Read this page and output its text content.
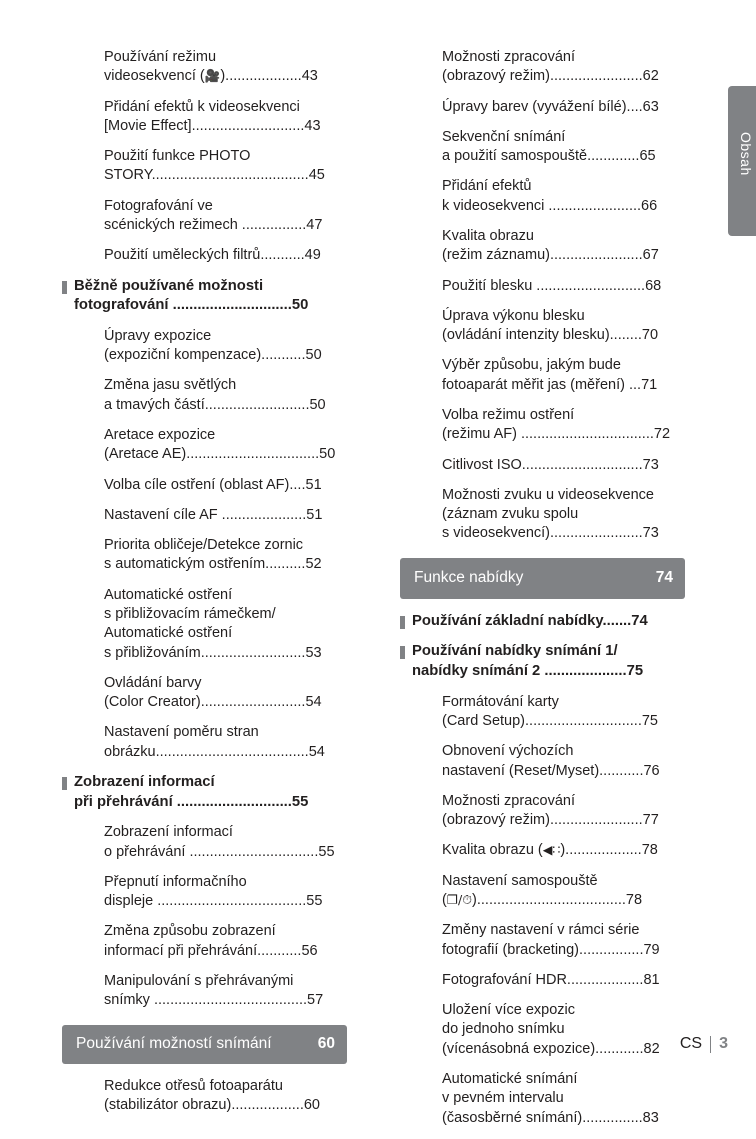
Obsah
Používání režimu
videosekvencí (🎥)...................43
Přidání efektů k videosekvenci
[Movie Effect]............................43
Použití funkce PHOTO
STORY.......................................45
Fotografování ve
scénických režimech ................47
Použití uměleckých filtrů...........49
Běžně používané možnosti
fotografování .............................50
Úpravy expozice
(expoziční kompenzace)...........50
Změna jasu světlých
a tmavých částí..........................50
Aretace expozice
(Aretace AE).................................50
Volba cíle ostření (oblast AF)....51
Nastavení cíle AF .....................51
Priorita obličeje/Detekce zornic
s automatickým ostřením..........52
Automatické ostření
s přibližovacím rámečkem/
Automatické ostření
s přibližováním..........................53
Ovládání barvy
(Color Creator)..........................54
Nastavení poměru stran
obrázku......................................54
Zobrazení informací
při přehrávání ............................55
Zobrazení informací
o přehrávání ................................55
Přepnutí informačního
displeje .....................................55
Změna způsobu zobrazení
informací při přehrávání...........56
Manipulování s přehrávanými
snímky ......................................57
Používání možností snímání	60
Redukce otřesů fotoaparátu
(stabilizátor obrazu)..................60
Možnosti zpracování
(obrazový režim).......................62
Úpravy barev (vyvážení bílé)....63
Sekvenční snímání
a použití samospouště.............65
Přidání efektů
k videosekvenci .......................66
Kvalita obrazu
(režim záznamu).......................67
Použití blesku ...........................68
Úprava výkonu blesku
(ovládání intenzity blesku)........70
Výběr způsobu, jakým bude
fotoaparát měřit jas (měření) ...71
Volba režimu ostření
(režimu AF) .................................72
Citlivost ISO..............................73
Možnosti zvuku u videosekvence
(záznam zvuku spolu
s videosekvencí).......................73
Funkce nabídky	74
Používání základní nabídky.......74
Používání nabídky snímání 1/
nabídky snímání 2 ....................75
Formátování karty
(Card Setup).............................75
Obnovení výchozích
nastavení (Reset/Myset)...........76
Možnosti zpracování
(obrazový režim).......................77
Kvalita obrazu (◀∷)...................78
Nastavení samospouště
(❐/⏱).....................................78
Změny nastavení v rámci série
fotografií (bracketing)................79
Fotografování HDR...................81
Uložení více expozic
do jednoho snímku
(vícenásobná expozice)............82
Automatické snímání
v pevném intervalu
(časosběrné snímání)...............83
CS 3
